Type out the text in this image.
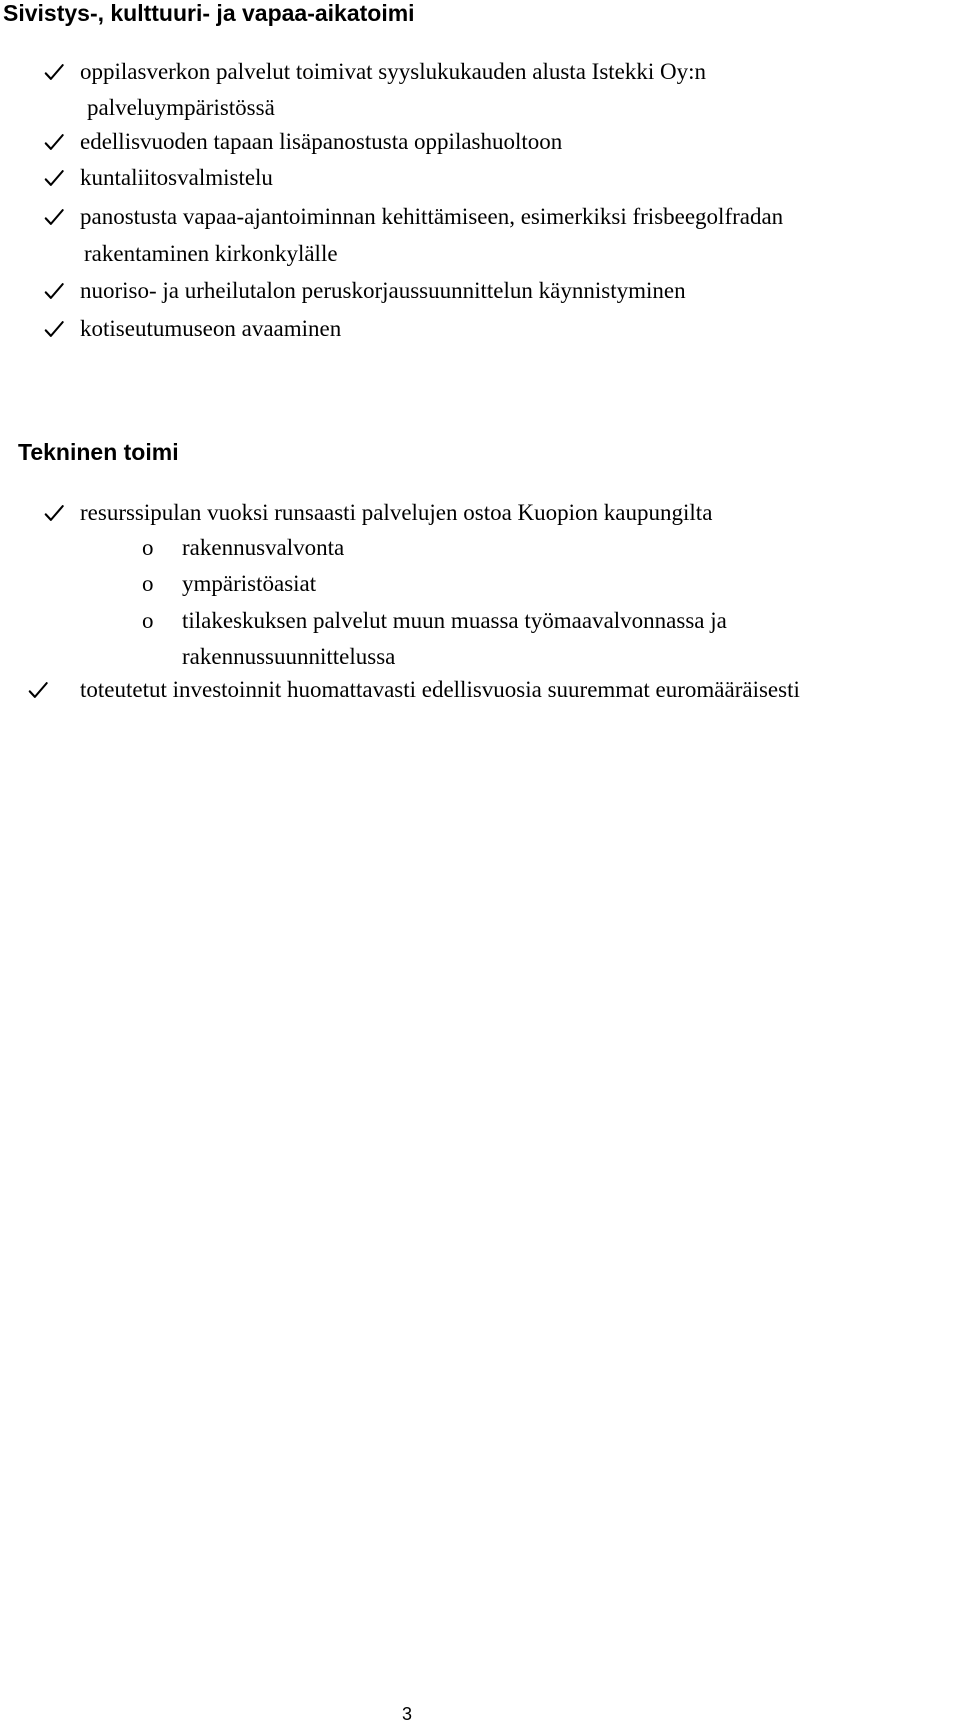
Sivistys-, kulttuuri- ja vapaa-aikatoimi
oppilasverkon palvelut toimivat syyslukukauden alusta Istekki Oy:n
palveluympäristössä
edellisvuoden tapaan lisäpanostusta oppilashuoltoon
kuntaliitosvalmistelu
panostusta vapaa-ajantoiminnan kehittämiseen, esimerkiksi frisbeegolfradan
rakentaminen kirkonkylälle
nuoriso- ja urheilutalon peruskorjaussuunnittelun käynnistyminen
kotiseutumuseon avaaminen
Tekninen toimi
resurssipulan vuoksi runsaasti palvelujen ostoa Kuopion kaupungilta
o rakennusvalvonta
o ympäristöasiat
o tilakeskuksen palvelut muun muassa työmaavalvonnassa ja
rakennussuunnittelussa
toteutetut investoinnit huomattavasti edellisvuosia suuremmat euromääräisesti
3
